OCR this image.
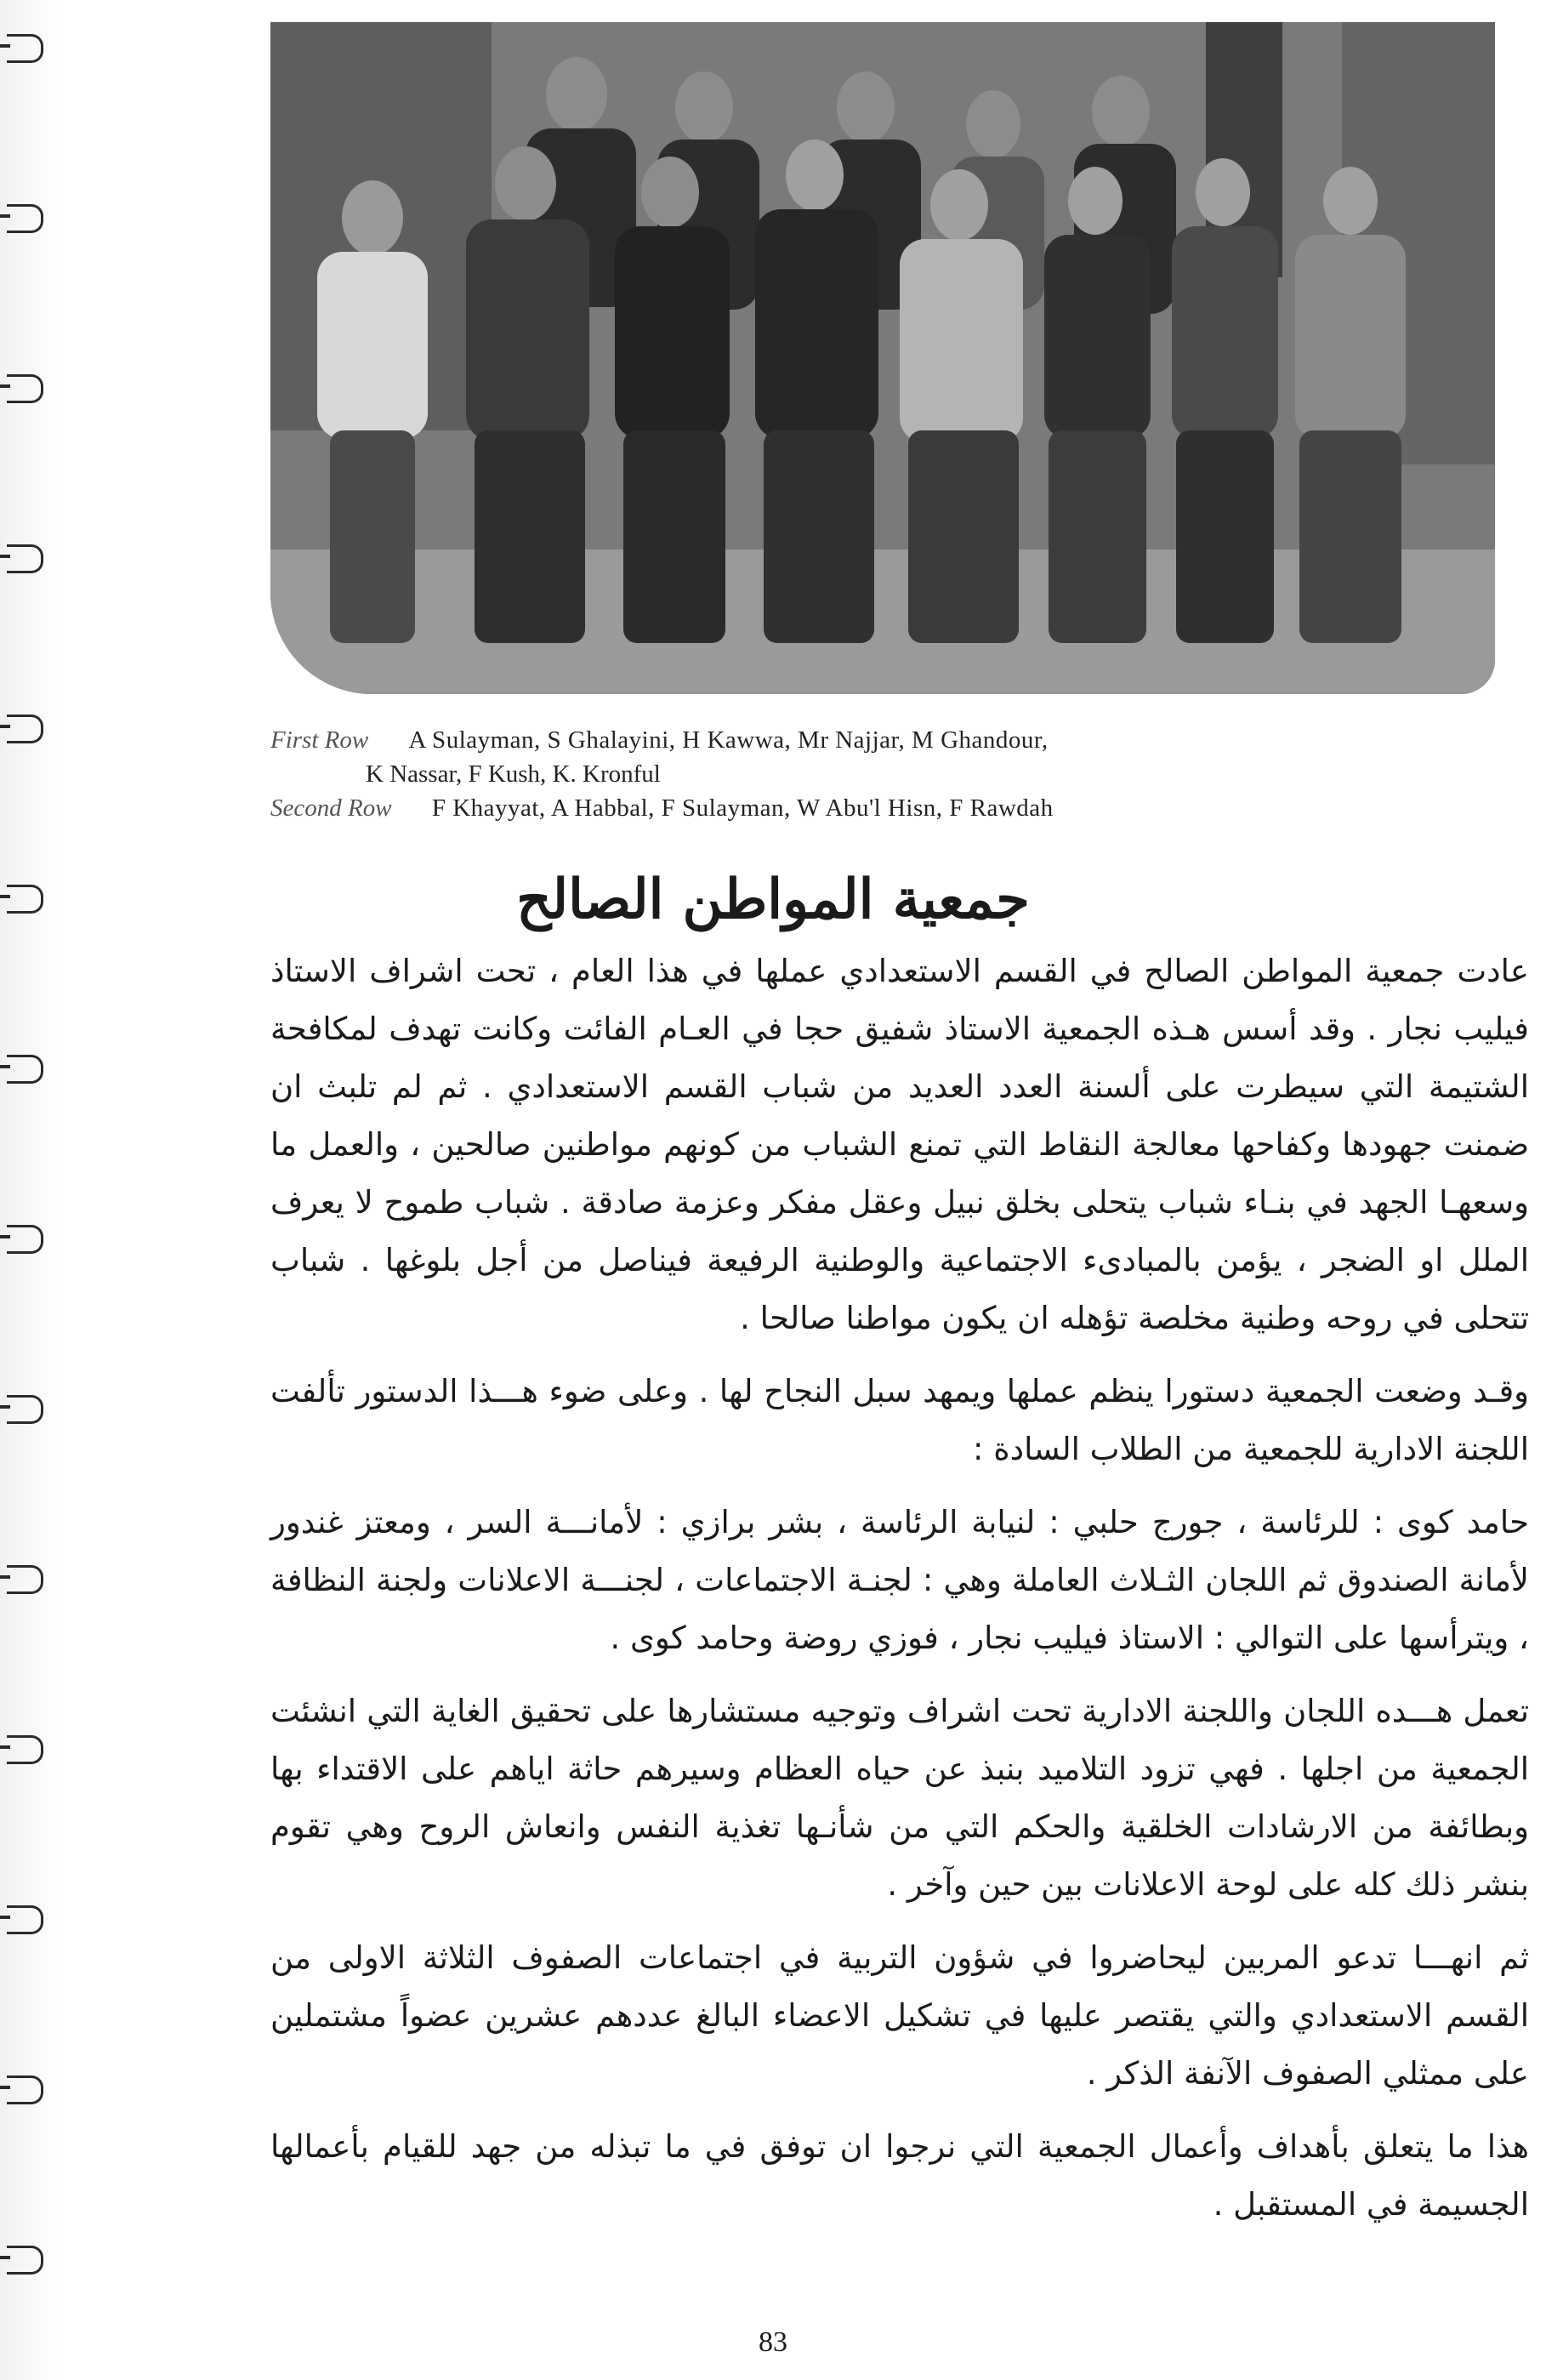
First Row A Sulayman, S Ghalayini, H Kawwa, Mr Najjar, M Ghandour,
K Nassar, F Kush, K. Kronful
Second Row F Khayyat, A Habbal, F Sulayman, W Abu'l Hisn, F Rawdah
جمعية المواطن الصالح

عادت جمعية المواطن الصالح في القسم الاستعدادي عملها في هذا العام ، تحت اشراف الاستاذ فيليب نجار . وقد أسس هـذه الجمعية الاستاذ شفيق حجا في العـام الفائت وكانت تهدف لمكافحة الشتيمة التي سيطرت على ألسنة العدد العديد من شباب القسم الاستعدادي . ثم لم تلبث ان ضمنت جهودها وكفاحها معالجة النقاط التي تمنع الشباب من كونهم مواطنين صالحين ، والعمل ما وسعهـا الجهد في بنـاء شباب يتحلى بخلق نبيل وعقل مفكر وعزمة صادقة . شباب طموح لا يعرف الملل او الضجر ، يؤمن بالمبادىء الاجتماعية والوطنية الرفيعة فيناصل من أجل بلوغها . شباب تتحلى في روحه وطنية مخلصة تؤهله ان يكون مواطنا صالحا .

وقـد وضعت الجمعية دستورا ينظم عملها ويمهد سبل النجاح لها . وعلى ضوء هـــذا الدستور تألفت اللجنة الادارية للجمعية من الطلاب السادة :

حامد كوى : للرئاسة ، جورج حلبي : لنيابة الرئاسة ، بشر برازي : لأمانـــة السر ، ومعتز غندور لأمانة الصندوق ثم اللجان الثـلاث العاملة وهي : لجنـة الاجتماعات ، لجنـــة الاعلانات ولجنة النظافة ، ويترأسها على التوالي : الاستاذ فيليب نجار ، فوزي روضة وحامد كوى .

تعمل هـــده اللجان واللجنة الادارية تحت اشراف وتوجيه مستشارها على تحقيق الغاية التي انشئت الجمعية من اجلها . فهي تزود التلاميد بنبذ عن حياه العظام وسيرهم حاثة اياهم على الاقتداء بها وبطائفة من الارشادات الخلقية والحكم التي من شأنـها تغذية النفس وانعاش الروح وهي تقوم بنشر ذلك كله على لوحة الاعلانات بين حين وآخر .

ثم انهـــا تدعو المربين ليحاضروا في شؤون التربية في اجتماعات الصفوف الثلاثة الاولى من القسم الاستعدادي والتي يقتصر عليها في تشكيل الاعضاء البالغ عددهم عشرين عضواً مشتملين على ممثلي الصفوف الآنفة الذكر .

هذا ما يتعلق بأهداف وأعمال الجمعية التي نرجوا ان توفق في ما تبذله من جهد للقيام بأعمالها الجسيمة في المستقبل .

83
